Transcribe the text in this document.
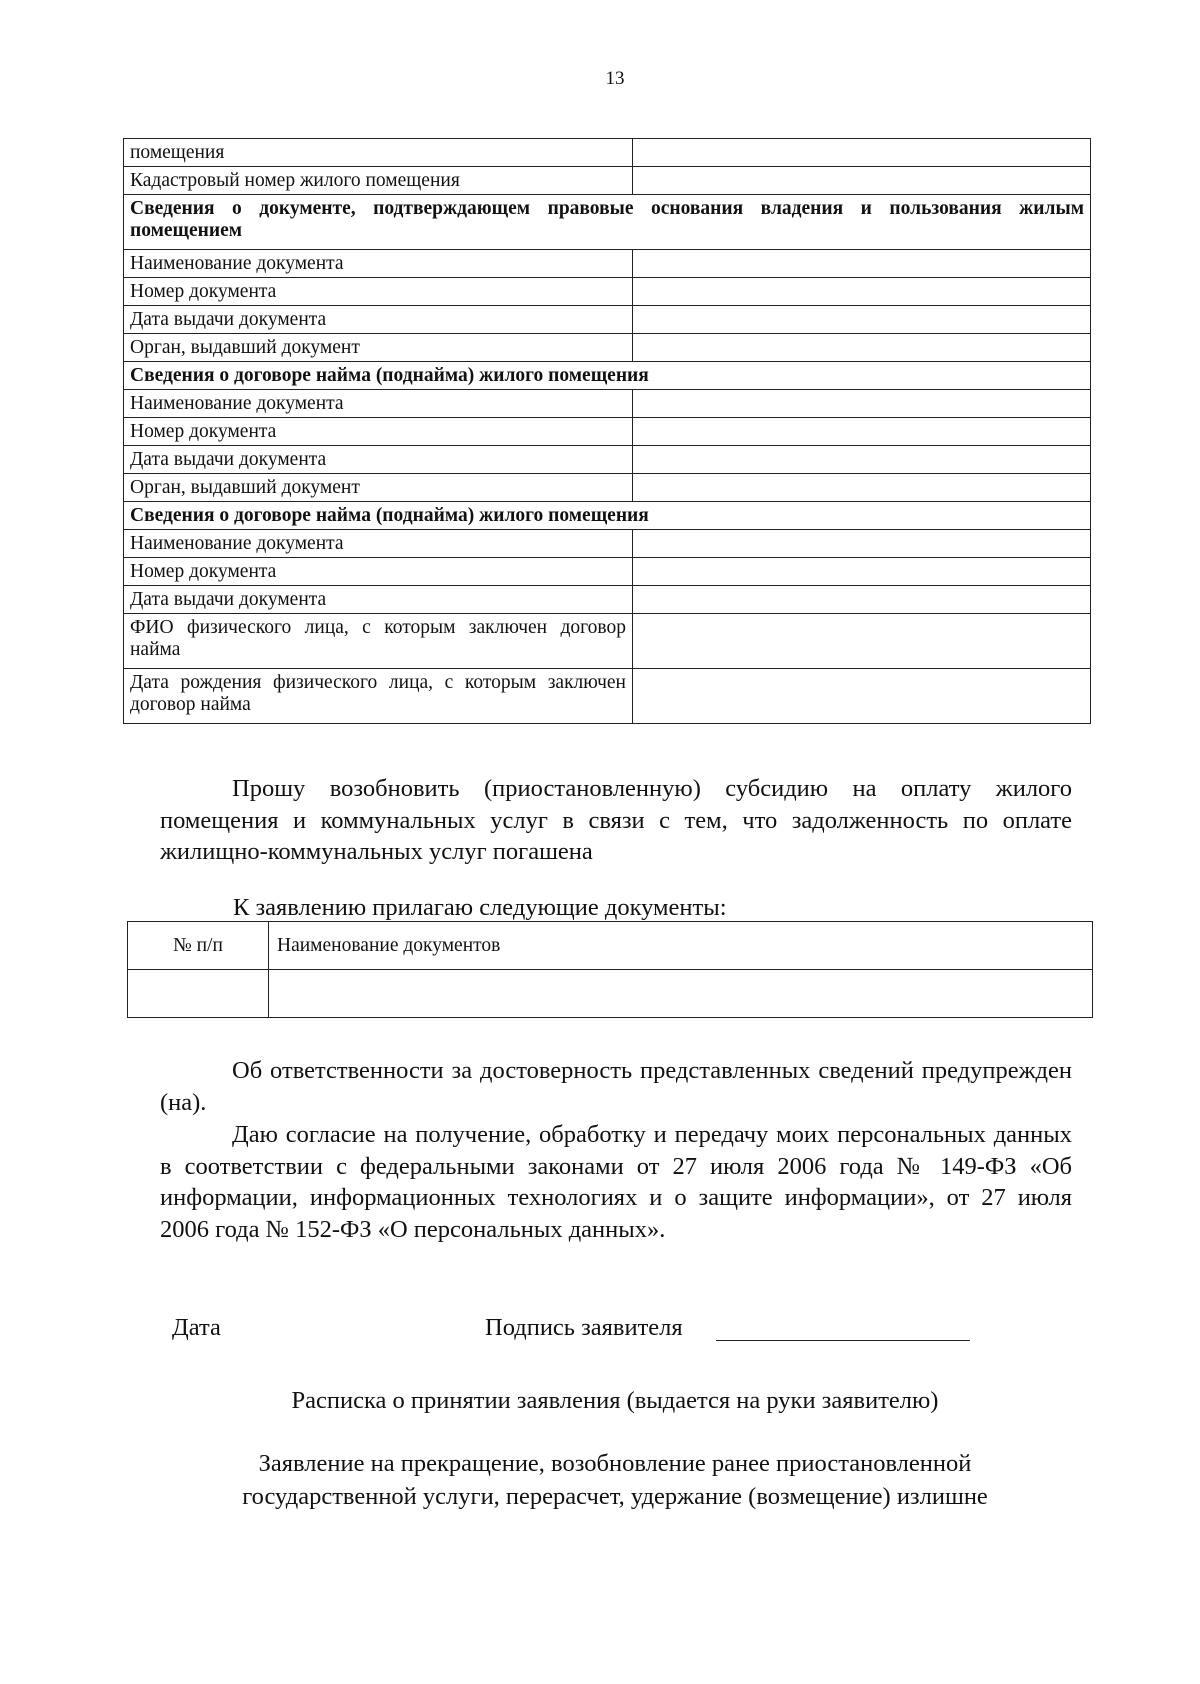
13
помещения	
Кадастровый номер жилого помещения	
Сведения о документе, подтверждающем правовые основания владения и пользования жилым помещением	
Наименование документа	
Номер документа	
Дата выдачи документа	
Орган, выдавший документ	
Сведения о договоре найма (поднайма) жилого помещения	
Наименование документа	
Номер документа	
Дата выдачи документа	
Орган, выдавший документ	
Сведения о договоре найма (поднайма) жилого помещения	
Наименование документа	
Номер документа	
Дата выдачи документа	
ФИО физического лица, с которым заключен договор найма	
Дата рождения физического лица, с которым заключен договор найма	
Прошу возобновить (приостановленную) субсидию на оплату жилого помещения и коммунальных услуг в связи с тем, что задолженность по оплате жилищно-коммунальных услуг погашена
К заявлению прилагаю следующие документы:
№ п/п	Наименование документов

Об ответственности за достоверность представленных сведений предупрежден (на).
Даю согласие на получение, обработку и передачу моих персональных данных в соответствии с федеральными законами от 27 июля 2006 года № 149-ФЗ «Об информации, информационных технологиях и о защите информации», от 27 июля 2006 года № 152-ФЗ «О персональных данных».
Дата	Подпись заявителя
Расписка о принятии заявления (выдается на руки заявителю)
Заявление на прекращение, возобновление ранее приостановленной
государственной услуги, перерасчет, удержание (возмещение) излишне
